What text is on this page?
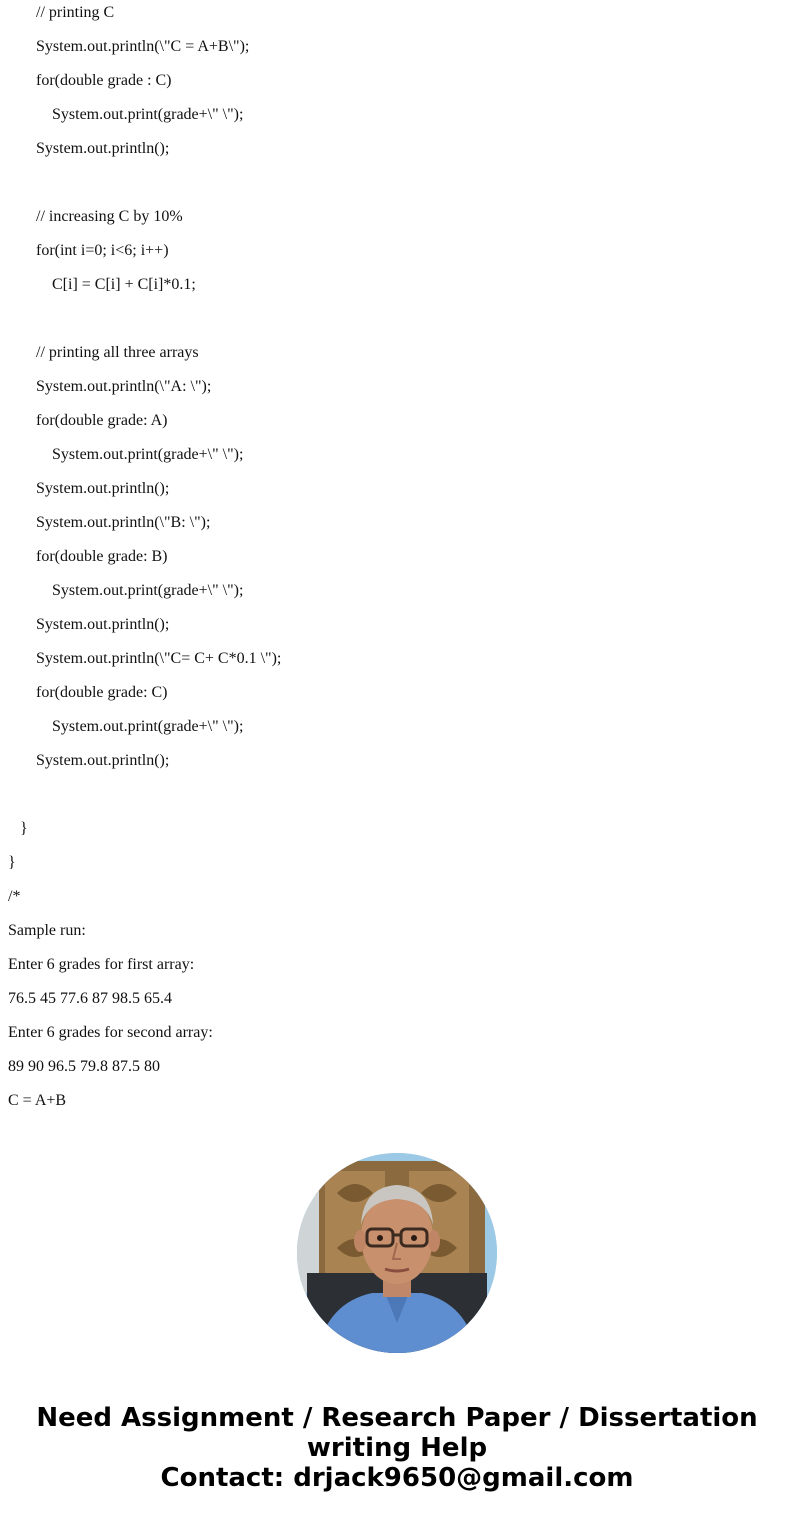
// printing C
System.out.println(\"C = A+B\");
for(double grade : C)
System.out.print(grade+\" \");
System.out.println();
// increasing C by 10%
for(int i=0; i<6; i++)
C[i] = C[i] + C[i]*0.1;
// printing all three arrays
System.out.println(\"A: \");
for(double grade: A)
System.out.print(grade+\" \");
System.out.println();
System.out.println(\"B: \");
for(double grade: B)
System.out.print(grade+\" \");
System.out.println();
System.out.println(\"C= C+ C*0.1 \");
for(double grade: C)
System.out.print(grade+\" \");
System.out.println();
}
}
/*
Sample run:
Enter 6 grades for first array:
76.5 45 77.6 87 98.5 65.4
Enter 6 grades for second array:
89 90 96.5 79.8 87.5 80
C = A+B
Need Assignment / Research Paper / Dissertation
writing Help
Contact: drjack9650@gmail.com
